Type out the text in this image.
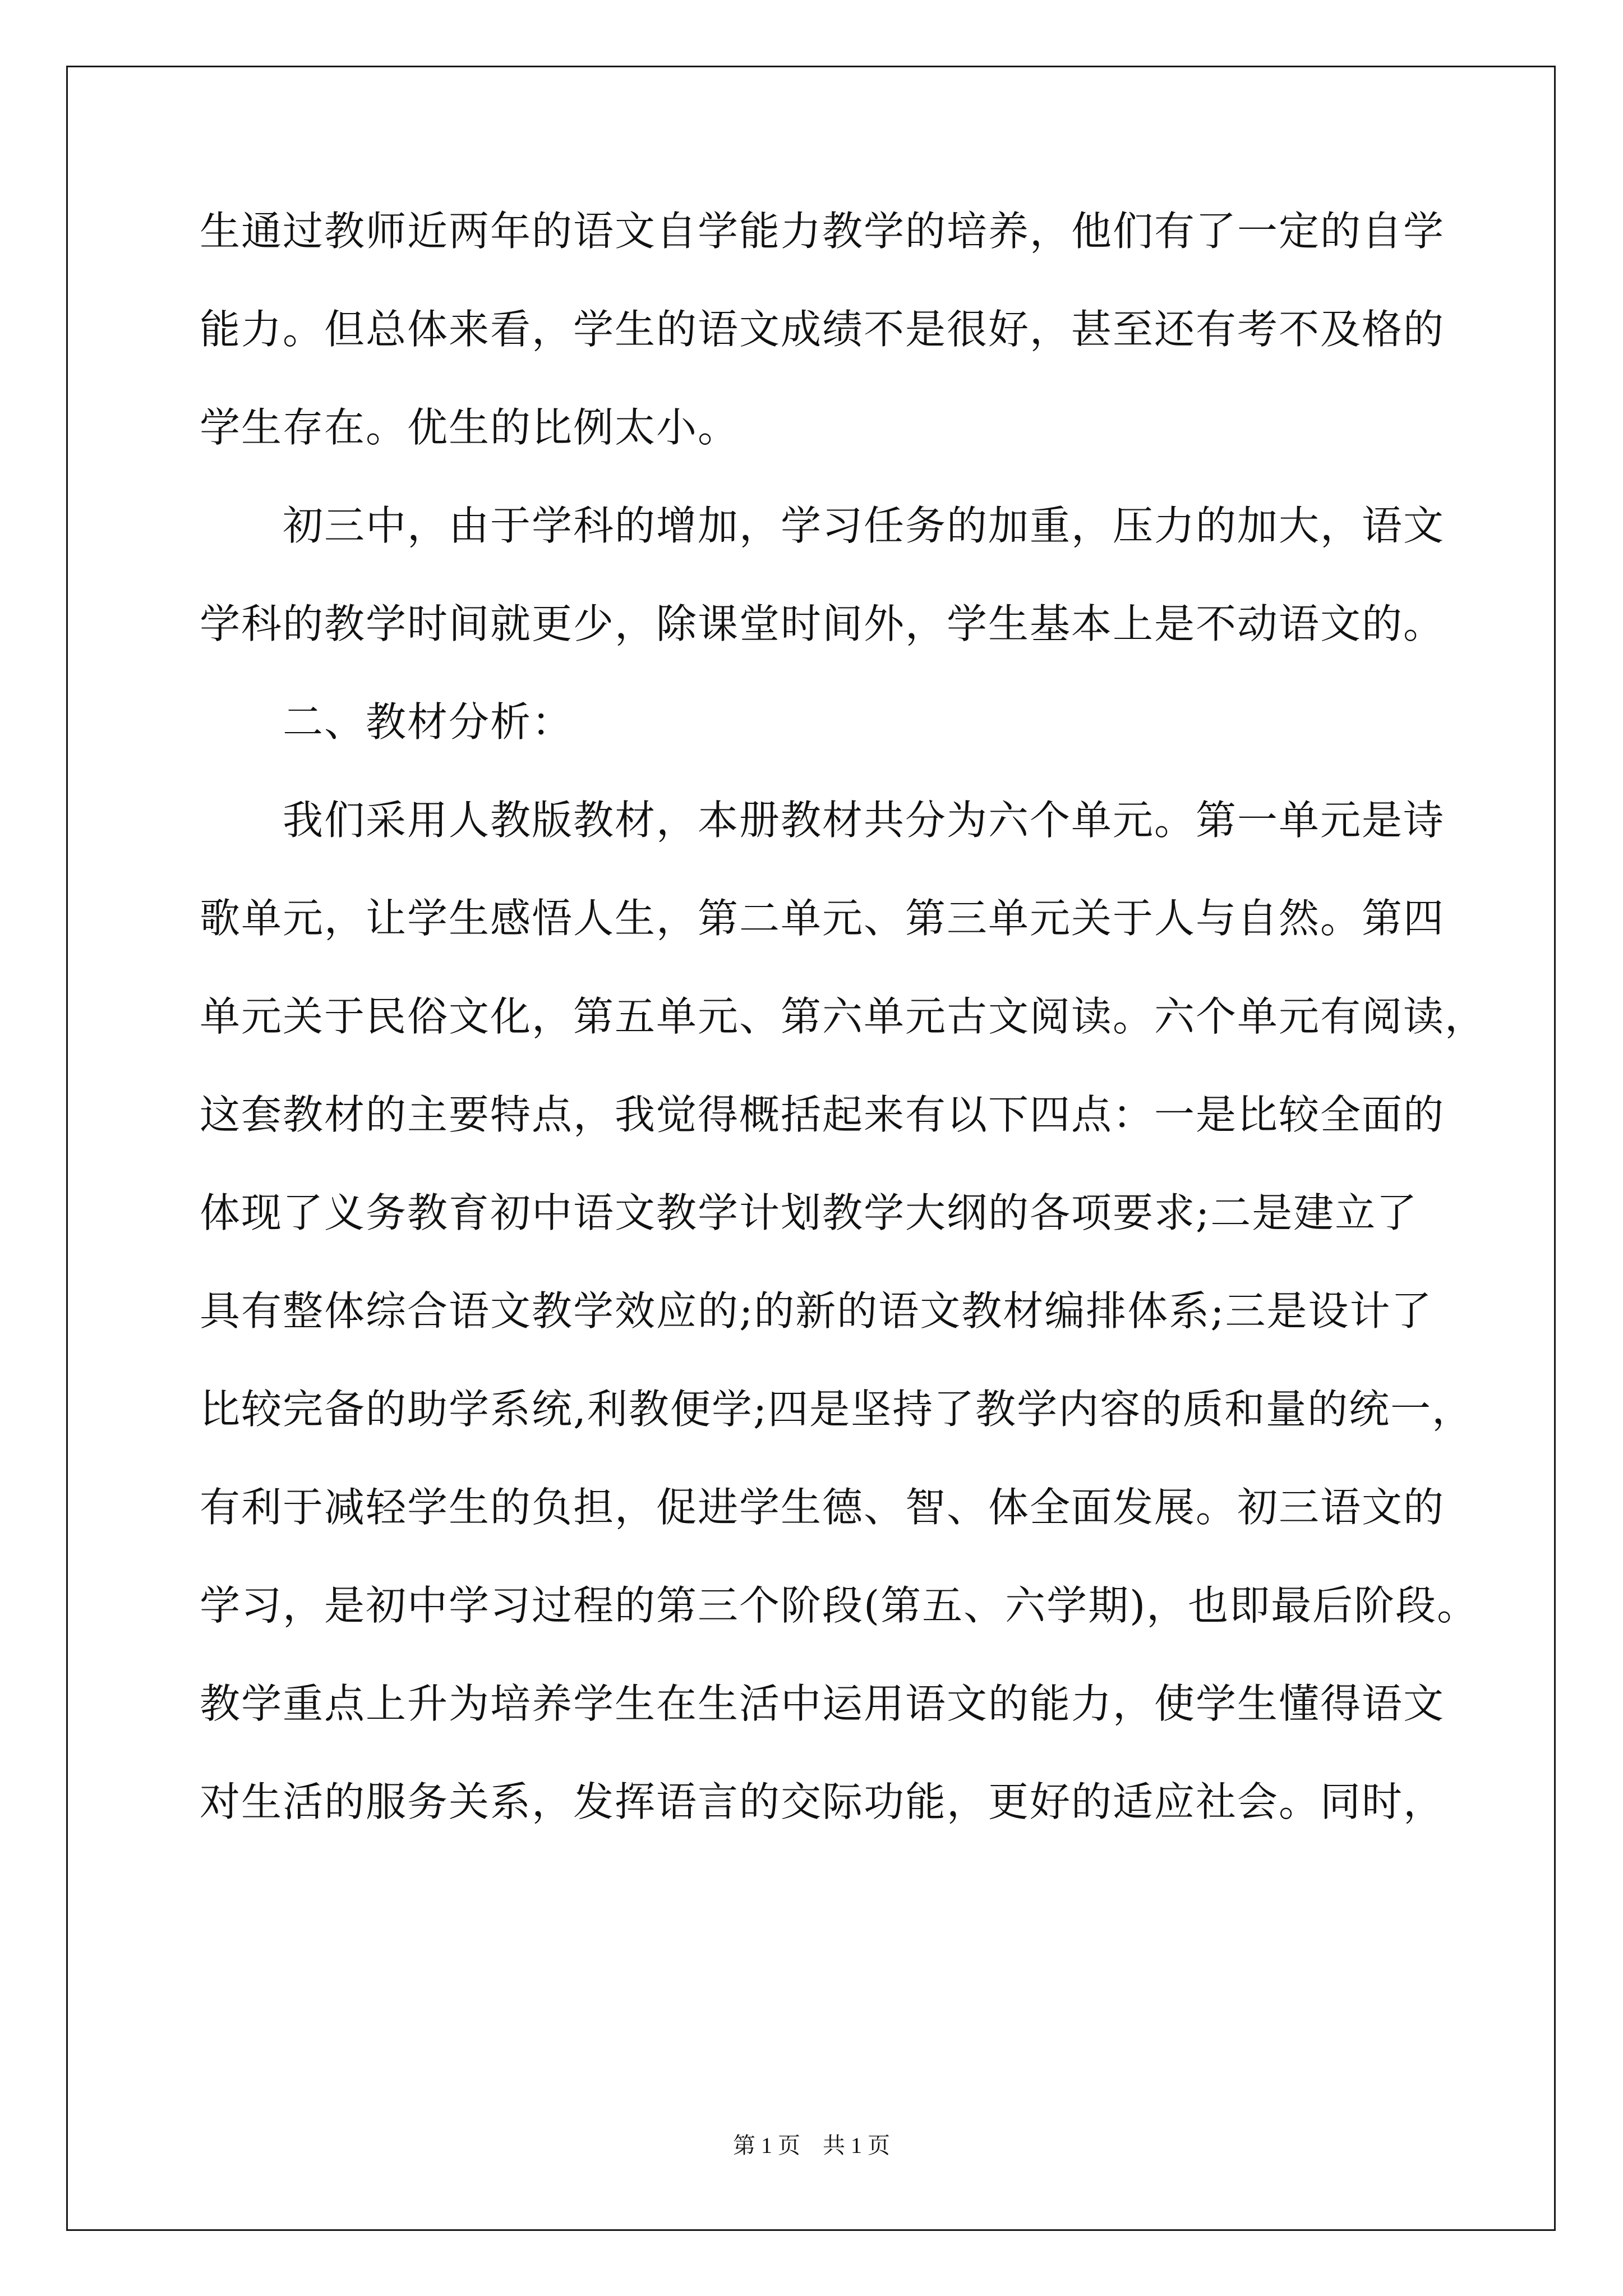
生通过教师近两年的语文自学能力教学的培养，他们有了一定的自学
能力。但总体来看，学生的语文成绩不是很好，甚至还有考不及格的
学生存在。优生的比例太小。
　　初三中，由于学科的增加，学习任务的加重，压力的加大，语文
学科的教学时间就更少，除课堂时间外，学生基本上是不动语文的。
　　二、教材分析：
　　我们采用人教版教材，本册教材共分为六个单元。第一单元是诗
歌单元，让学生感悟人生，第二单元、第三单元关于人与自然。第四
单元关于民俗文化，第五单元、第六单元古文阅读。六个单元有阅读，
这套教材的主要特点，我觉得概括起来有以下四点：一是比较全面的
体现了义务教育初中语文教学计划教学大纲的各项要求;二是建立了
具有整体综合语文教学效应的;的新的语文教材编排体系;三是设计了
比较完备的助学系统,利教便学;四是坚持了教学内容的质和量的统一，
有利于减轻学生的负担，促进学生德、智、体全面发展。初三语文的
学习，是初中学习过程的第三个阶段(第五、六学期)，也即最后阶段。
教学重点上升为培养学生在生活中运用语文的能力，使学生懂得语文
对生活的服务关系，发挥语言的交际功能，更好的适应社会。同时，
第 1 页　共 1 页
